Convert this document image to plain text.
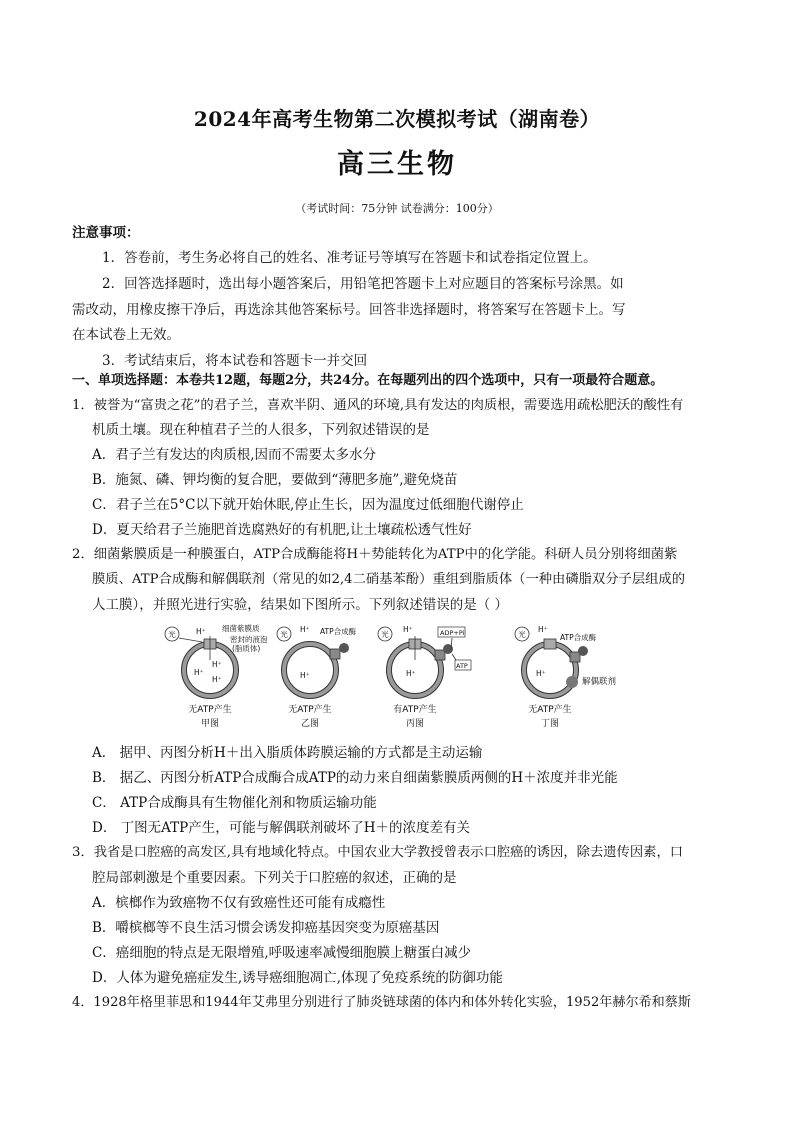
2024年高考生物第二次模拟考试（湖南卷）
高三生物
（考试时间：75分钟 试卷满分：100分）
注意事项：
1．答卷前，考生务必将自己的姓名、准考证号等填写在答题卡和试卷指定位置上。
2．回答选择题时，选出每小题答案后，用铅笔把答题卡上对应题目的答案标号涂黑。如
需改动，用橡皮擦干净后，再选涂其他答案标号。回答非选择题时，将答案写在答题卡上。写
在本试卷上无效。
3．考试结束后，将本试卷和答题卡一并交回
一、单项选择题：本卷共12题，每题2分，共24分。在每题列出的四个选项中，只有一项最符合题意。
1．被誉为“富贵之花”的君子兰，喜欢半阴、通风的环境,具有发达的肉质根，需要选用疏松肥沃的酸性有
机质土壤。现在种植君子兰的人很多，下列叙述错误的是
A．君子兰有发达的肉质根,因而不需要太多水分
B．施氮、磷、钾均衡的复合肥，要做到“薄肥多施”,避免烧苗
C．君子兰在5°C以下就开始休眠,停止生长，因为温度过低细胞代谢停止
D．夏天给君子兰施肥首选腐熟好的有机肥,让土壤疏松透气性好
2．细菌紫膜质是一种膜蛋白，ATP合成酶能将H＋势能转化为ATP中的化学能。科研人员分别将细菌紫
膜质、ATP合成酶和解偶联剂（常见的如2,4二硝基苯酚）重组到脂质体（一种由磷脂双分子层组成的
人工膜），并照光进行实验，结果如下图所示。下列叙述错误的是（ ）
光	H⁺
H⁺
H⁺
H⁺
细菌紫膜质
密封的液泡
(脂质体)
无ATP产生
甲图
光
H⁺
H⁺
ATP合成酶
无ATP产生
乙图
光
H⁺
H⁺
ADP+Pi
ATP
有ATP产生
丙图
光
H⁺
H⁺
ATP合成酶
解偶联剂
无ATP产生
丁图
A． 据甲、丙图分析H＋出入脂质体跨膜运输的方式都是主动运输
B． 据乙、丙图分析ATP合成酶合成ATP的动力来自细菌紫膜质两侧的H＋浓度并非光能
C． ATP合成酶具有生物催化剂和物质运输功能
D． 丁图无ATP产生，可能与解偶联剂破坏了H＋的浓度差有关
3．我省是口腔癌的高发区,具有地域化特点。中国农业大学教授曾表示口腔癌的诱因，除去遗传因素，口
腔局部刺激是个重要因素。下列关于口腔癌的叙述，正确的是
A．槟榔作为致癌物不仅有致癌性还可能有成瘾性
B．嚼槟榔等不良生活习惯会诱发抑癌基因突变为原癌基因
C．癌细胞的特点是无限增殖,呼吸速率减慢细胞膜上糖蛋白减少
D．人体为避免癌症发生,诱导癌细胞凋亡,体现了免疫系统的防御功能
4．1928年格里菲思和1944年艾弗里分别进行了肺炎链球菌的体内和体外转化实验，1952年赫尔希和蔡斯
